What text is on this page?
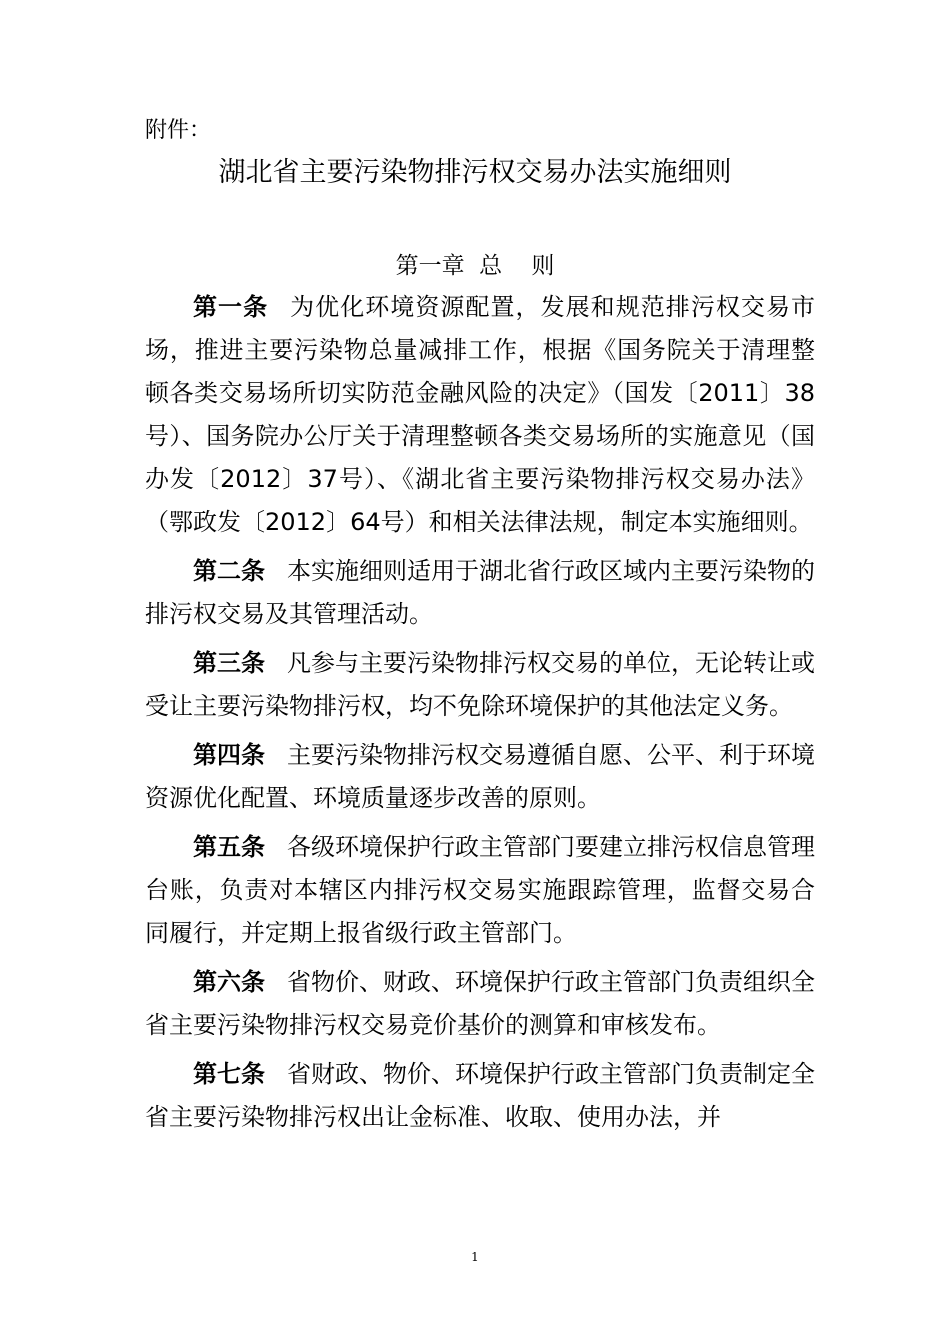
附件：
湖北省主要污染物排污权交易办法实施细则
第一章  总    则

第一条 为优化环境资源配置，发展和规范排污权交易市场，推进主要污染物总量减排工作，根据《国务院关于清理整顿各类交易场所切实防范金融风险的决定》（国发〔2011〕38号）、国务院办公厅关于清理整顿各类交易场所的实施意见（国办发〔2012〕37号）、《湖北省主要污染物排污权交易办法》（鄂政发〔2012〕64号）和相关法律法规，制定本实施细则。

第二条 本实施细则适用于湖北省行政区域内主要污染物的排污权交易及其管理活动。

第三条 凡参与主要污染物排污权交易的单位，无论转让或受让主要污染物排污权，均不免除环境保护的其他法定义务。

第四条 主要污染物排污权交易遵循自愿、公平、利于环境资源优化配置、环境质量逐步改善的原则。

第五条 各级环境保护行政主管部门要建立排污权信息管理台账，负责对本辖区内排污权交易实施跟踪管理，监督交易合同履行，并定期上报省级行政主管部门。

第六条 省物价、财政、环境保护行政主管部门负责组织全省主要污染物排污权交易竞价基价的测算和审核发布。

第七条 省财政、物价、环境保护行政主管部门负责制定全省主要污染物排污权出让金标准、收取、使用办法，并

1
